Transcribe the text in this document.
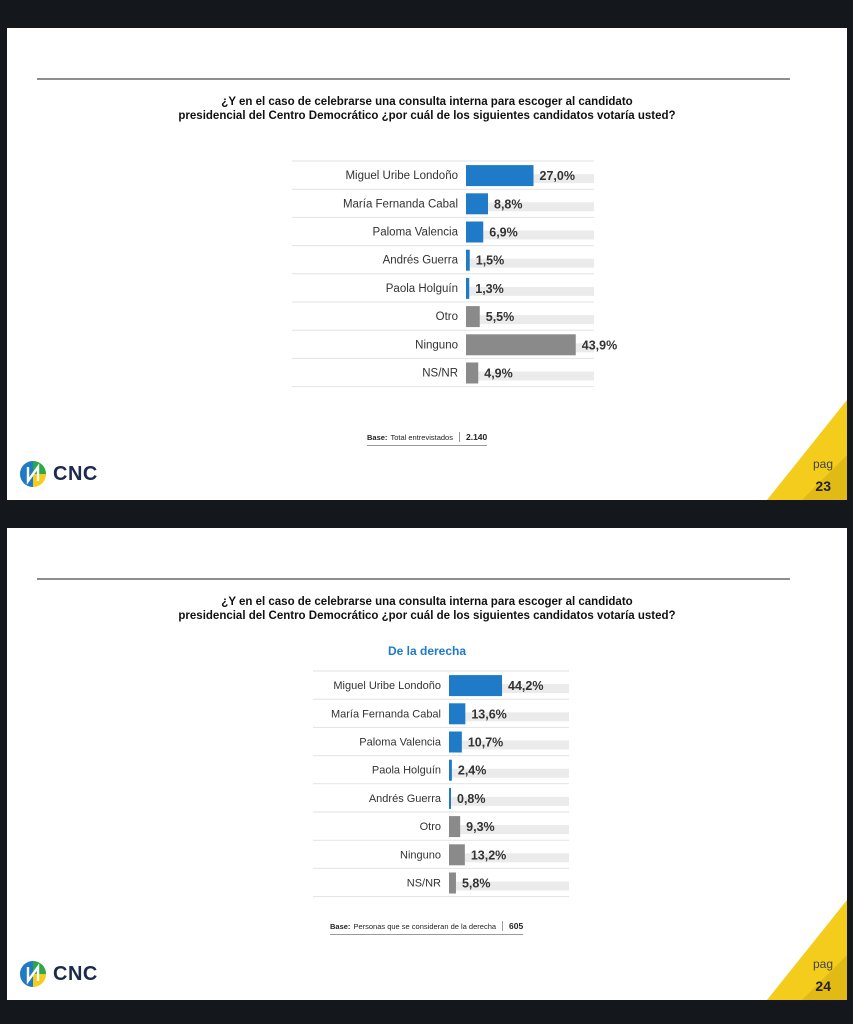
¿Y en el caso de celebrarse una consulta interna para escoger al candidato
presidencial del Centro Democrático ¿por cuál de los siguientes candidatos votaría usted?
Miguel Uribe Londoño	27,0%
María Fernanda Cabal	8,8%
Paloma Valencia	6,9%
Andrés Guerra 1,5%
Paola Holguín 1,3%
Otro 5,5%
Ninguno	43,9%
NS/NR 4,9%
Base: Total entrevistados	2.140
CNC	pag
23
¿Y en el caso de celebrarse una consulta interna para escoger al candidato
presidencial del Centro Democrático ¿por cuál de los siguientes candidatos votaría usted?
De la derecha
Miguel Uribe Londoño	44,2%
María Fernanda Cabal 13,6%
Paloma Valencia 10,7%
Paola Holguín 2,4%
Andrés Guerra 0,8%
Otro 9,3%
Ninguno 13,2%
NS/NR 5,8%
Base: Personas que se consideran de la derecha	605
CNC	pag
24
